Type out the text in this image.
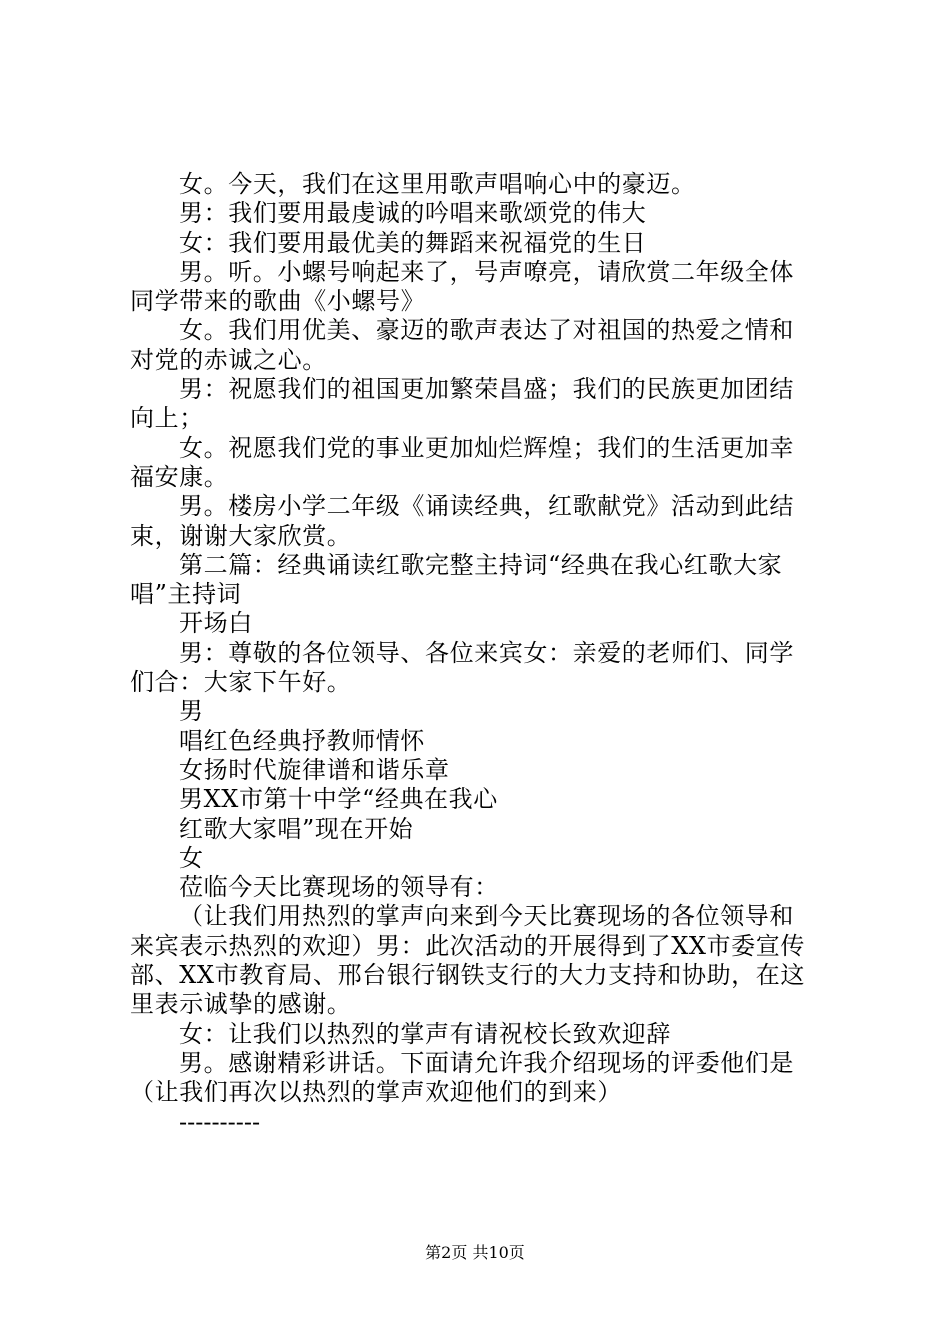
女。今天，我们在这里用歌声唱响心中的豪迈。
男：我们要用最虔诚的吟唱来歌颂党的伟大
女：我们要用最优美的舞蹈来祝福党的生日
男。听。小螺号响起来了，号声嘹亮，请欣赏二年级全体
同学带来的歌曲《小螺号》
女。我们用优美、豪迈的歌声表达了对祖国的热爱之情和
对党的赤诚之心。
男：祝愿我们的祖国更加繁荣昌盛；我们的民族更加团结
向上；
女。祝愿我们党的事业更加灿烂辉煌；我们的生活更加幸
福安康。
男。楼房小学二年级《诵读经典，红歌献党》活动到此结
束，谢谢大家欣赏。
第二篇：经典诵读红歌完整主持词“经典在我心红歌大家
唱”主持词
开场白
男：尊敬的各位领导、各位来宾女：亲爱的老师们、同学
们合：大家下午好。
男
唱红色经典抒教师情怀
女扬时代旋律谱和谐乐章
男XX市第十中学“经典在我心
红歌大家唱”现在开始
女
莅临今天比赛现场的领导有：
（让我们用热烈的掌声向来到今天比赛现场的各位领导和
来宾表示热烈的欢迎）男：此次活动的开展得到了XX市委宣传
部、XX市教育局、邢台银行钢铁支行的大力支持和协助，在这
里表示诚挚的感谢。
女：让我们以热烈的掌声有请祝校长致欢迎辞
男。感谢精彩讲话。下面请允许我介绍现场的评委他们是
（让我们再次以热烈的掌声欢迎他们的到来）
----------
第2页 共10页
